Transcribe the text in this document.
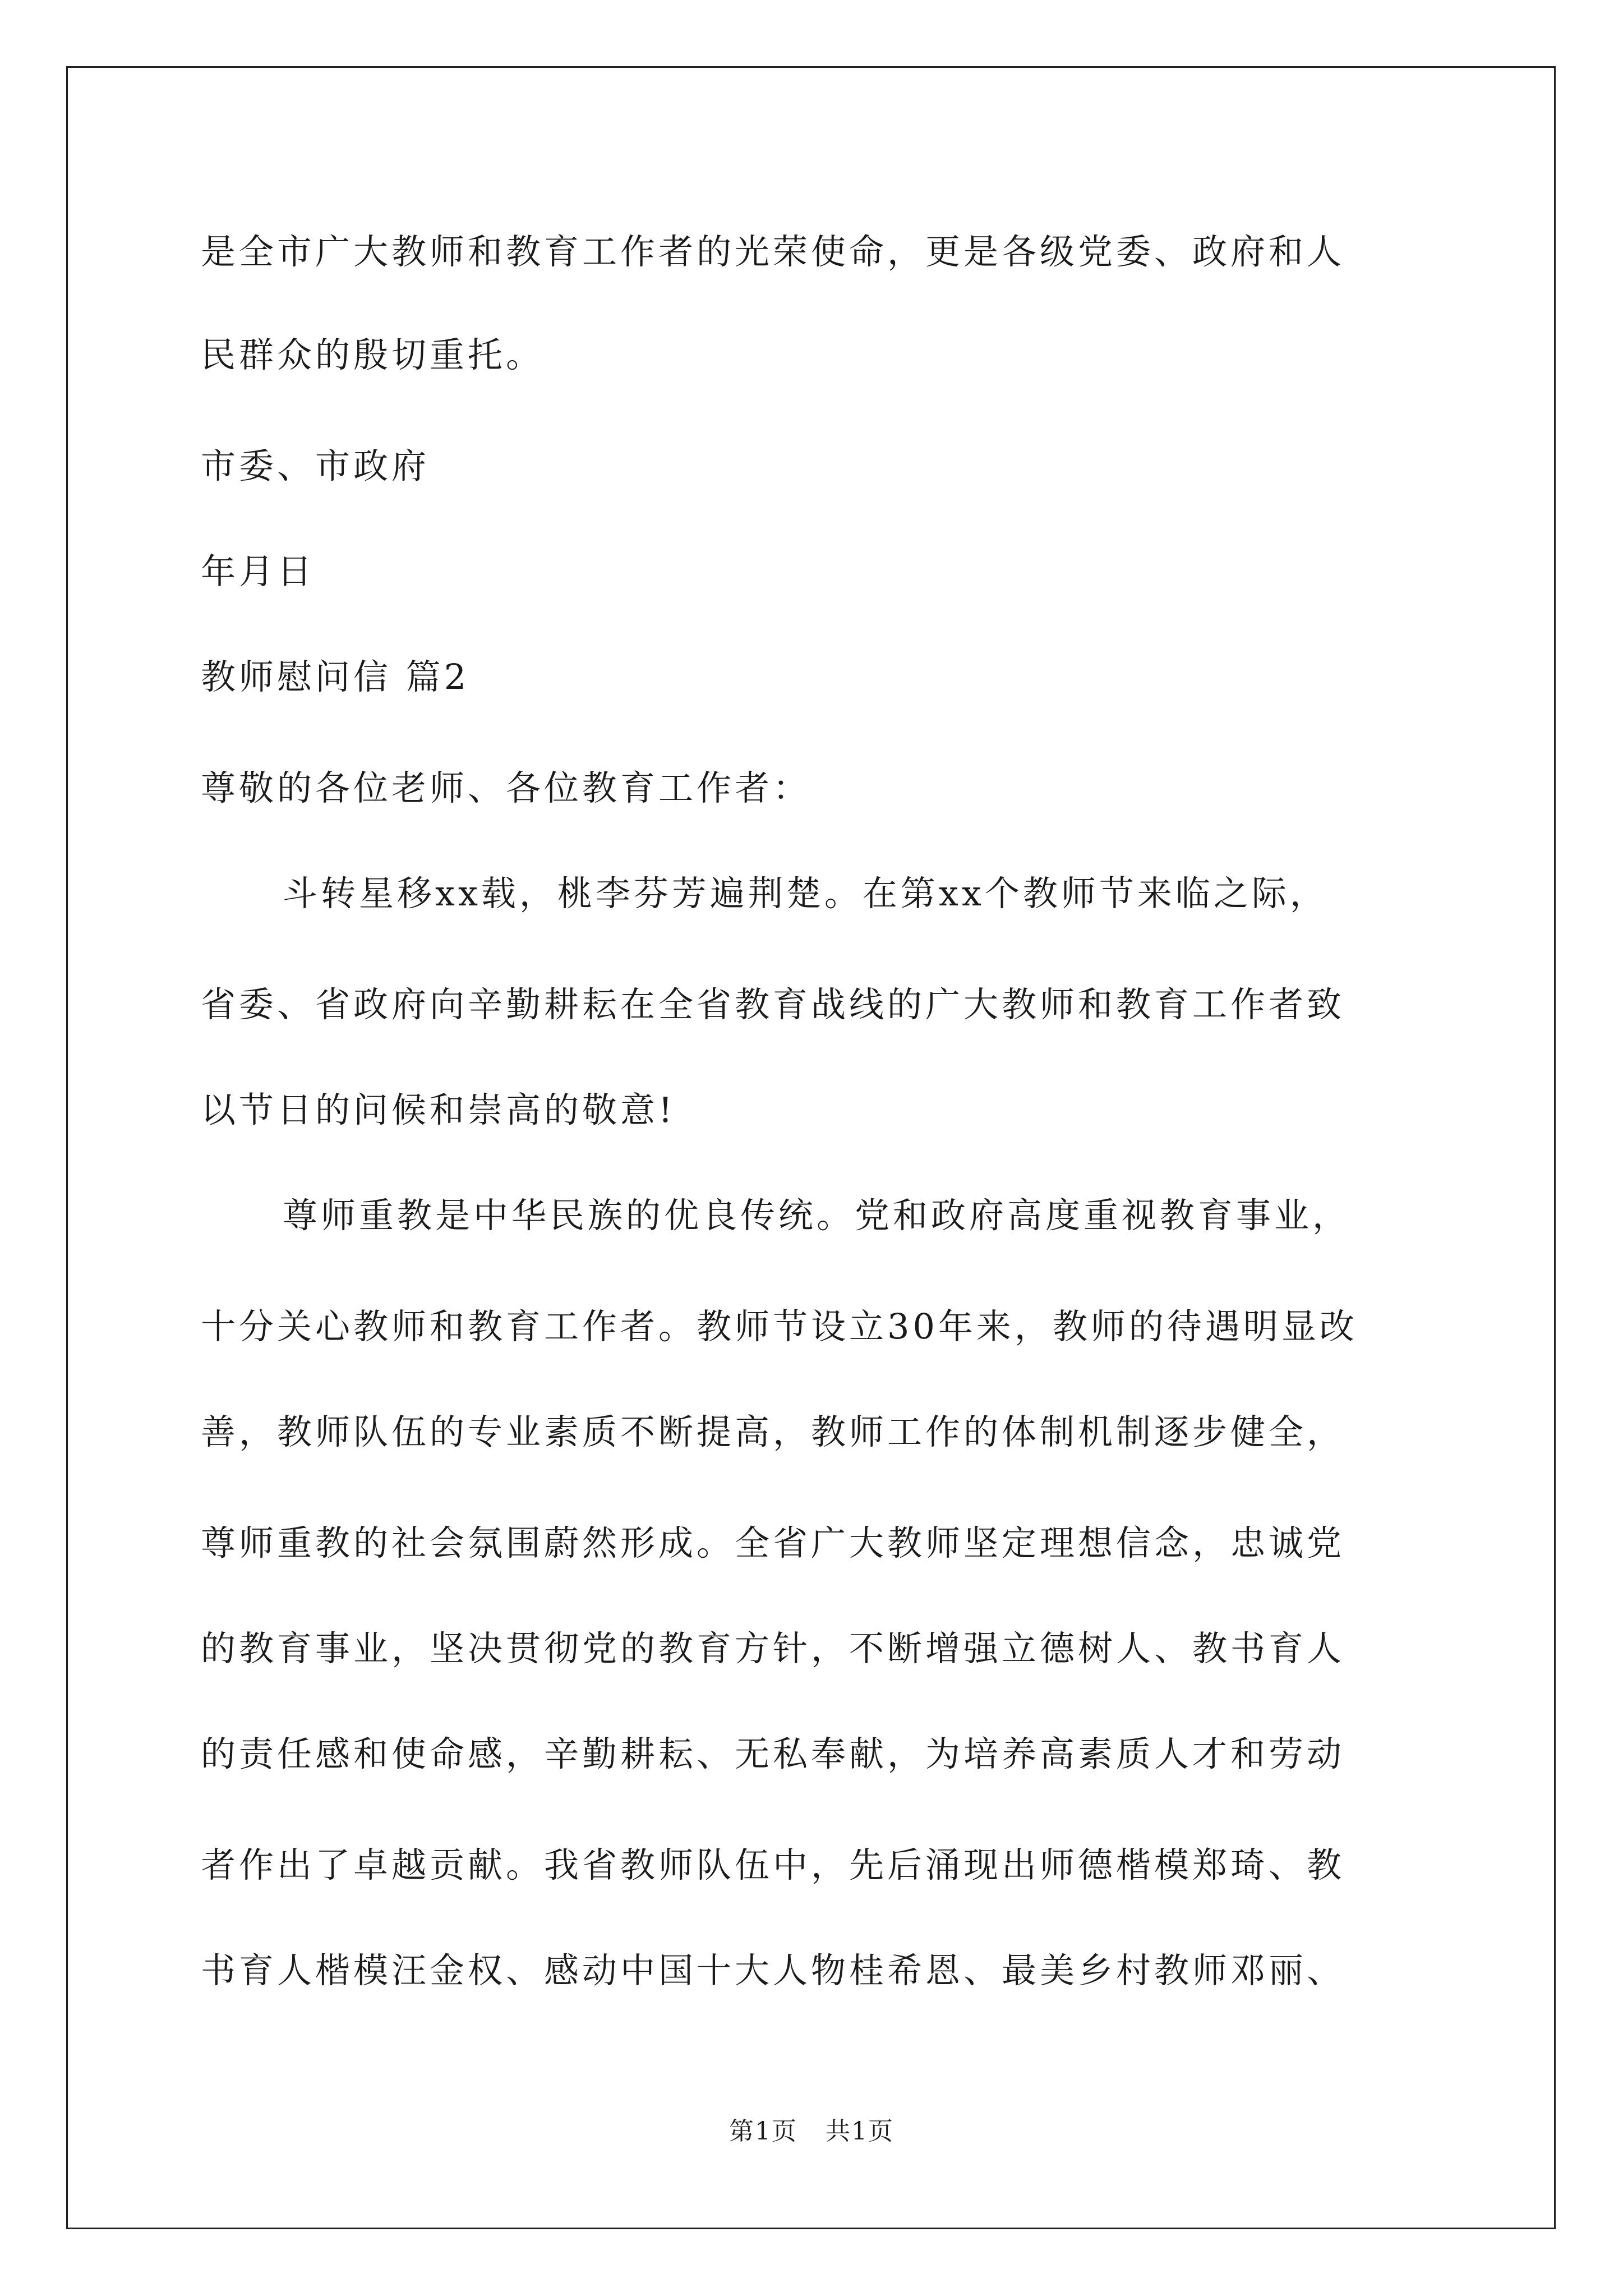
是全市广大教师和教育工作者的光荣使命，更是各级党委、政府和人
民群众的殷切重托。
市委、市政府
年月日
教师慰问信 篇2
尊敬的各位老师、各位教育工作者：
斗转星移xx载，桃李芬芳遍荆楚。在第xx个教师节来临之际，
省委、省政府向辛勤耕耘在全省教育战线的广大教师和教育工作者致
以节日的问候和崇高的敬意!
尊师重教是中华民族的优良传统。党和政府高度重视教育事业，
十分关心教师和教育工作者。教师节设立30年来，教师的待遇明显改
善，教师队伍的专业素质不断提高，教师工作的体制机制逐步健全，
尊师重教的社会氛围蔚然形成。全省广大教师坚定理想信念，忠诚党
的教育事业，坚决贯彻党的教育方针，不断增强立德树人、教书育人
的责任感和使命感，辛勤耕耘、无私奉献，为培养高素质人才和劳动
者作出了卓越贡献。我省教师队伍中，先后涌现出师德楷模郑琦、教
书育人楷模汪金权、感动中国十大人物桂希恩、最美乡村教师邓丽、
第1页 共1页
